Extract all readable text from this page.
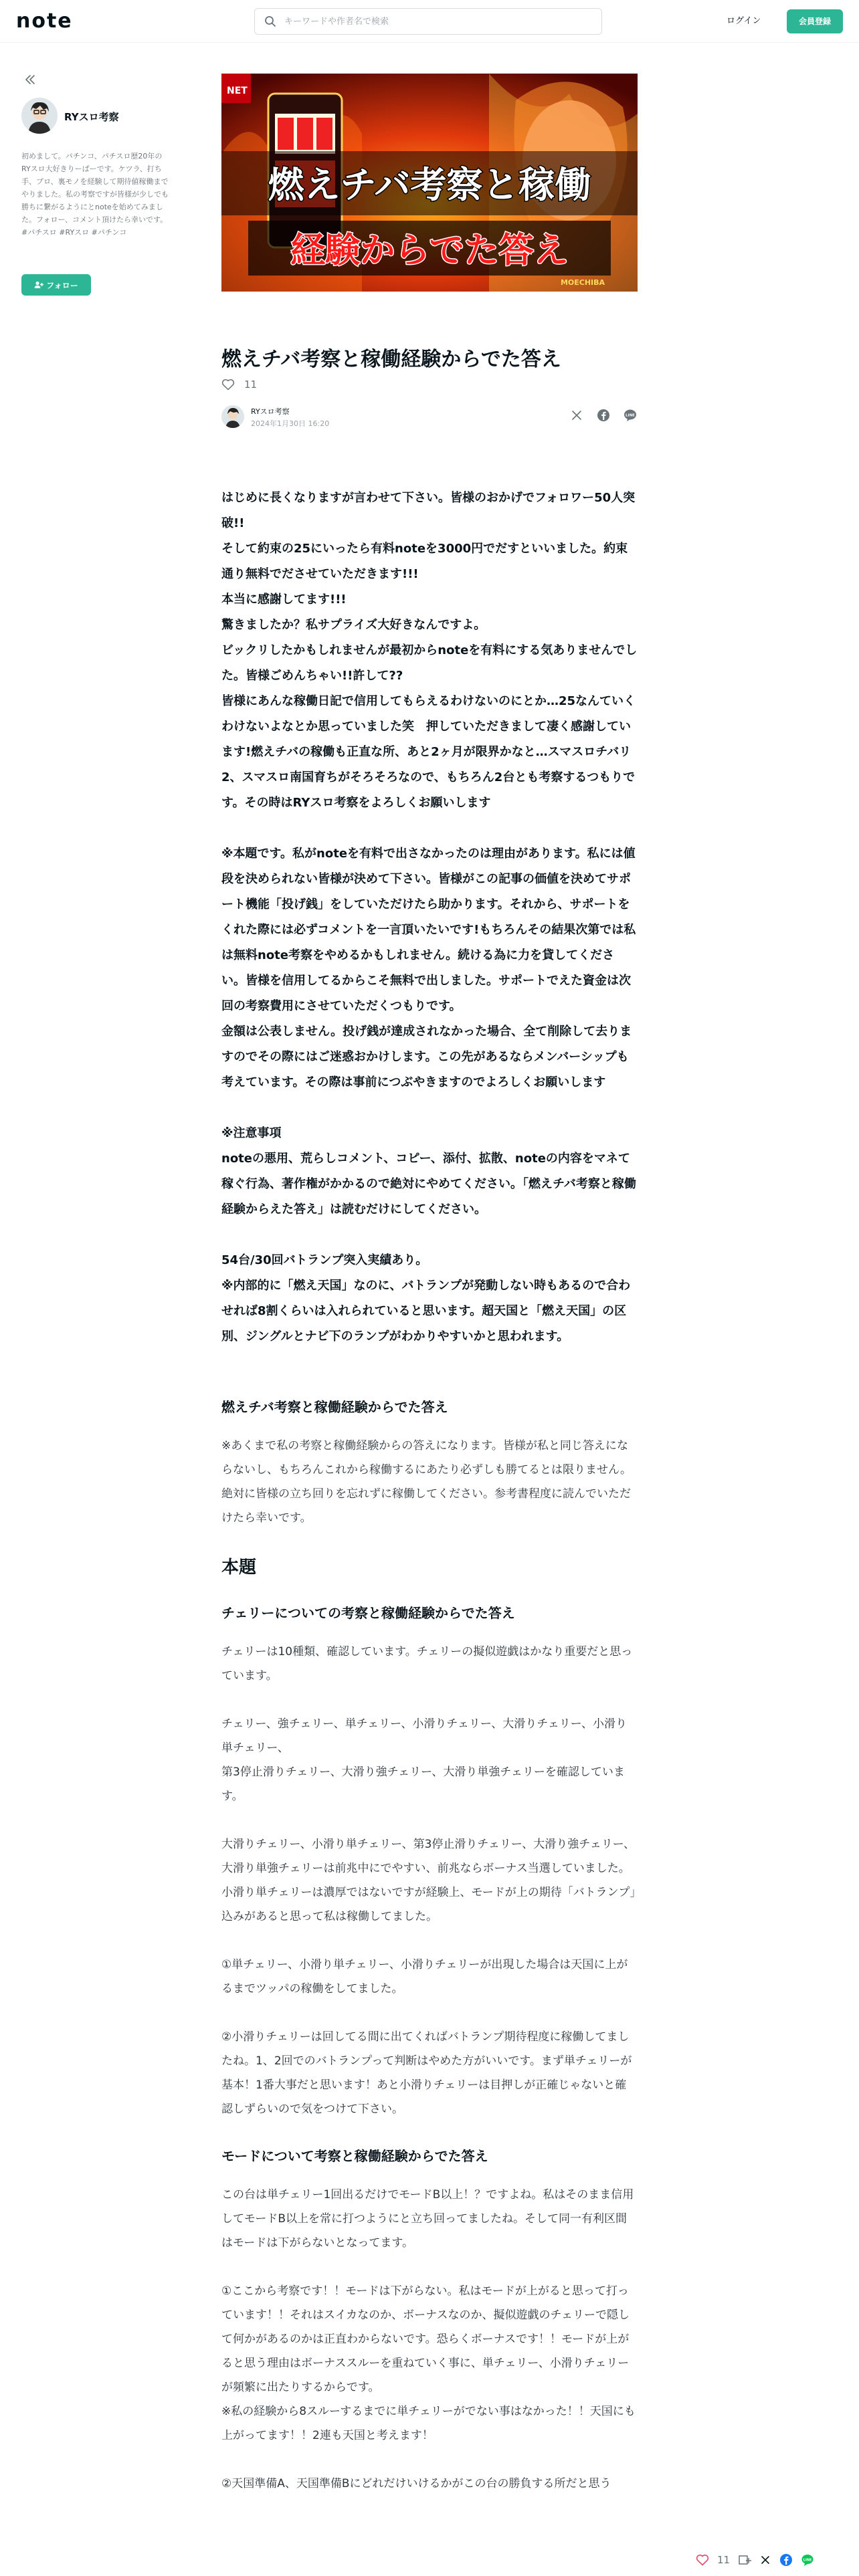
note
キーワードや作者名で検索	ログイン	会員登録
RYスロ考察
初めまして。パチンコ、パチスロ歴20年のRYスロ大好きりーぱーです。ケツラ、打ち手、プロ、裏モノを経験して期待値稼働までやりました。私の考察ですが皆様が少しでも勝ちに繋がるようにとnoteを始めてみました。フォロー、コメント頂けたら幸いです。 #パチスロ #RYスロ #パチンコ
フォロー
NET
燃えチバ考察と稼働
経験からでた答え
MOECHIBA
燃えチバ考察と稼働経験からでた答え
11
RYスロ考察
2024年1月30日 16:20
LINE
はじめに長くなりますが言わせて下さい。皆様のおかげでフォロワー50人突破!!
そして約束の25にいったら有料noteを3000円でだすといいました。約束通り無料でださせていただきます!!!
本当に感謝してます!!!
驚きましたか？私サプライズ大好きなんですよ。
ビックリしたかもしれませんが最初からnoteを有料にする気ありませんでした。皆様ごめんちゃい!!許して??
皆様にあんな稼働日記で信用してもらえるわけないのにとか…25なんていくわけないよなとか思っていました笑　押していただきまして凄く感謝しています!燃えチバの稼働も正直な所、あと2ヶ月が限界かなと…スマスロチバリ2、スマスロ南国育ちがそろそろなので、もちろん2台とも考察するつもりです。その時はRYスロ考察をよろしくお願いします
※本題です。私がnoteを有料で出さなかったのは理由があります。私には値段を決められない皆様が決めて下さい。皆様がこの記事の価値を決めてサポート機能「投げ銭」をしていただけたら助かります。それから、サポートをくれた際には必ずコメントを一言頂いたいです!もちろんその結果次第では私は無料note考察をやめるかもしれません。続ける為に力を貸してください。皆様を信用してるからこそ無料で出しました。サポートでえた資金は次回の考察費用にさせていただくつもりです。
金額は公表しません。投げ銭が達成されなかった場合、全て削除して去りますのでその際にはご迷惑おかけします。この先があるならメンバーシップも考えています。その際は事前につぶやきますのでよろしくお願いします
※注意事項
noteの悪用、荒らしコメント、コピー、添付、拡散、noteの内容をマネて稼ぐ行為、著作権がかかるので絶対にやめてください。「燃えチバ考察と稼働経験からえた答え」は読むだけにしてください。
54台/30回バトランプ突入実績あり。
※内部的に「燃え天国」なのに、バトランプが発動しない時もあるので合わせれば8割くらいは入れられていると思います。超天国と「燃え天国」の区別、ジングルとナビ下のランプがわかりやすいかと思われます。
燃えチバ考察と稼働経験からでた答え
※あくまで私の考察と稼働経験からの答えになります。皆様が私と同じ答えにならないし、もちろんこれから稼働するにあたり必ずしも勝てるとは限りません。絶対に皆様の立ち回りを忘れずに稼働してください。参考書程度に読んでいただけたら幸いです。
本題
チェリーについての考察と稼働経験からでた答え
チェリーは10種類、確認しています。チェリーの擬似遊戯はかなり重要だと思っています。
チェリー、強チェリー、単チェリー、小滑りチェリー、大滑りチェリー、小滑り単チェリー、
第3停止滑りチェリー、大滑り強チェリー、大滑り単強チェリーを確認しています。
大滑りチェリー、小滑り単チェリー、第3停止滑りチェリー、大滑り強チェリー、大滑り単強チェリーは前兆中にでやすい、前兆ならボーナス当選していました。小滑り単チェリーは濃厚ではないですが経験上、モードが上の期待「バトランプ」込みがあると思って私は稼働してました。
①単チェリー、小滑り単チェリー、小滑りチェリーが出現した場合は天国に上がるまでツッパの稼働をしてました。
②小滑りチェリーは回してる間に出てくればバトランプ期待程度に稼働してましたね。1、2回でのバトランプって判断はやめた方がいいです。まず単チェリーが基本！1番大事だと思います！あと小滑りチェリーは目押しが正確じゃないと確認しずらいので気をつけて下さい。
モードについて考察と稼働経験からでた答え
この台は単チェリー1回出るだけでモードB以上！？ですよね。私はそのまま信用してモードB以上を常に打つようにと立ち回ってましたね。そして同一有利区間はモードは下がらないとなってます。
①ここから考察です！！モードは下がらない。私はモードが上がると思って打っています！！それはスイカなのか、ボーナスなのか、擬似遊戯のチェリーで隠して何かがあるのかは正直わからないです。恐らくボーナスです！！モードが上がると思う理由はボーナススルーを重ねていく事に、単チェリー、小滑りチェリーが頻繁に出たりするからです。
※私の経験から8スルーするまでに単チェリーがでない事はなかった！！天国にも上がってます！！2連も天国と考えます！
②天国準備A、天国準備Bにどれだけいけるかがこの台の勝負する所だと思う
11	LINE
